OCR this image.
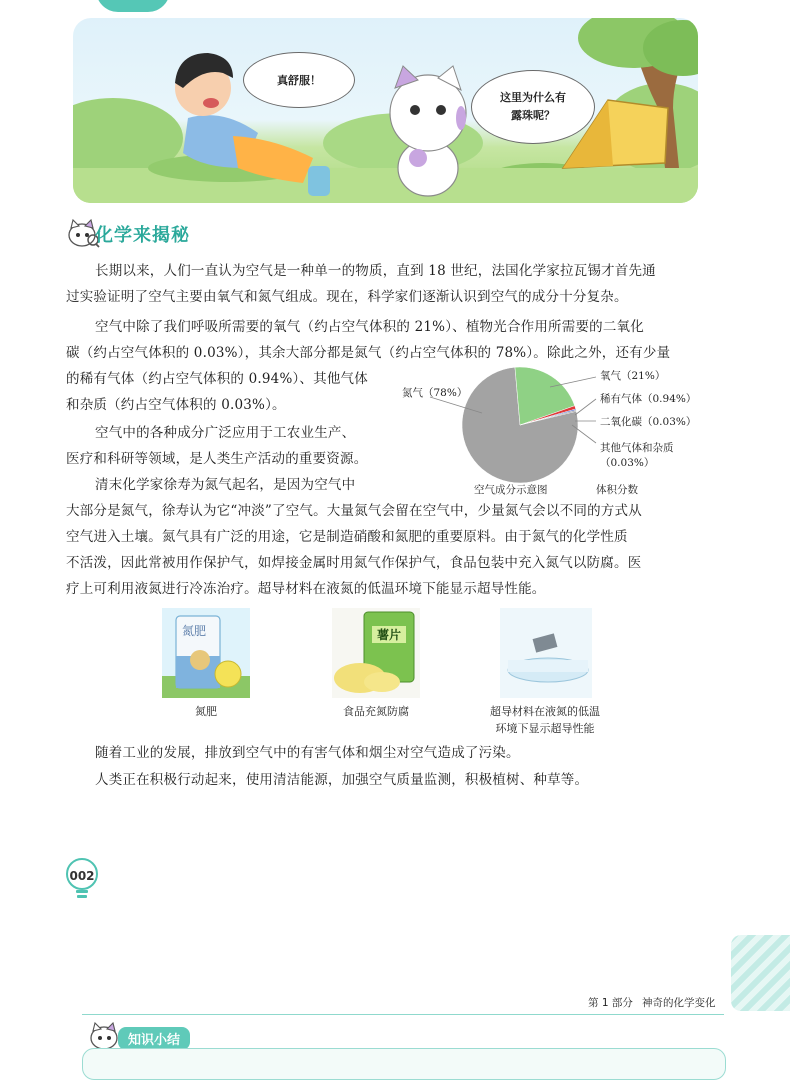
真舒服！
这里为什么有
露珠呢？
化学来揭秘
长期以来，人们一直认为空气是一种单一的物质，直到 18 世纪，法国化学家拉瓦锡才首先通
过实验证明了空气主要由氧气和氮气组成。现在，科学家们逐渐认识到空气的成分十分复杂。
空气中除了我们呼吸所需要的氧气（约占空气体积的 21%）、植物光合作用所需要的二氧化
碳（约占空气体积的 0.03%），其余大部分都是氮气（约占空气体积的 78%）。除此之外，还有少量
的稀有气体（约占空气体积的 0.94%）、其他气体
和杂质（约占空气体积的 0.03%）。
空气中的各种成分广泛应用于工农业生产、
医疗和科研等领域，是人类生产活动的重要资源。
清末化学家徐寿为氮气起名，是因为空气中
大部分是氮气，徐寿认为它“冲淡”了空气。大量氮气会留在空气中，少量氮气会以不同的方式从
空气进入土壤。氮气具有广泛的用途，它是制造硝酸和氮肥的重要原料。由于氮气的化学性质
不活泼，因此常被用作保护气，如焊接金属时用氮气作保护气，食品包装中充入氮气以防腐。医
疗上可利用液氮进行冷冻治疗。超导材料在液氮的低温环境下能显示超导性能。
氮气（78%）
氧气（21%）
稀有气体（0.94%）
二氧化碳（0.03%）
其他气体和杂质
（0.03%）
空气成分示意图	体积分数
氮肥	薯片
氮肥	食品充氮防腐	超导材料在液氮的低温
环境下显示超导性能
随着工业的发展，排放到空气中的有害气体和烟尘对空气造成了污染。
人类正在积极行动起来，使用清洁能源，加强空气质量监测，积极植树、种草等。
002
第 1 部分 神奇的化学变化
知识小结
